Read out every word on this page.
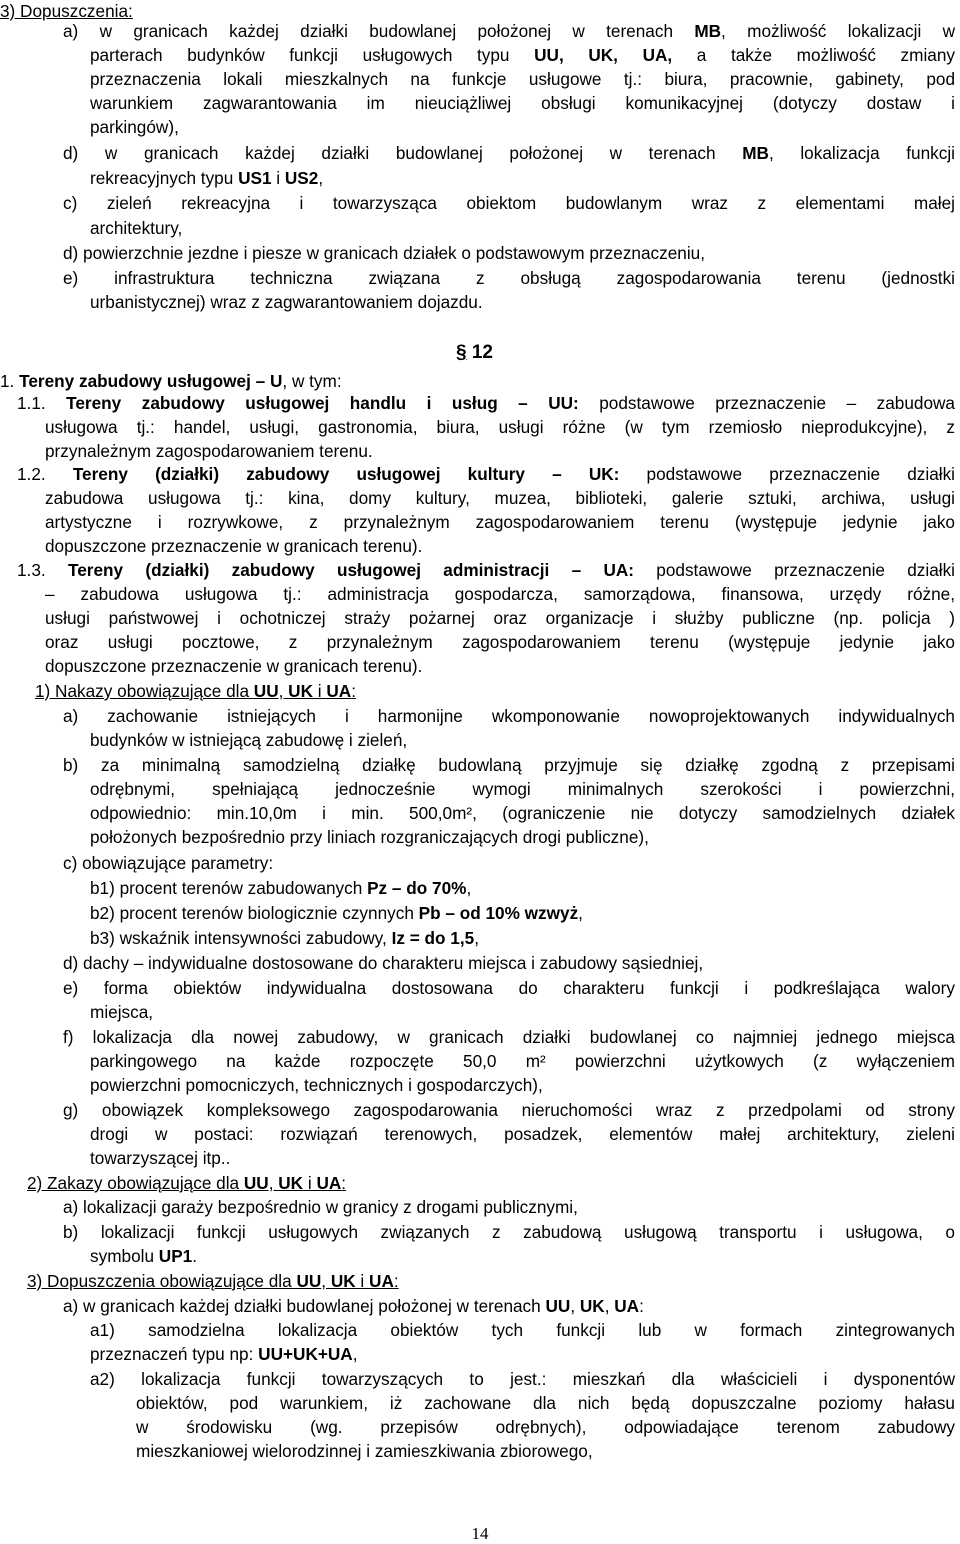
3) Dopuszczenia:
a) w granicach każdej działki budowlanej położonej w terenach MB, możliwość lokalizacji w
parterach budynków funkcji usługowych typu UU, UK, UA, a także możliwość zmiany
przeznaczenia lokali mieszkalnych na funkcje usługowe tj.: biura, pracownie, gabinety, pod
warunkiem zagwarantowania im nieuciążliwej obsługi komunikacyjnej (dotyczy dostaw i
parkingów),
d) w granicach każdej działki budowlanej położonej w terenach MB, lokalizacja funkcji
rekreacyjnych typu US1 i US2,
c) zieleń rekreacyjna i towarzysząca obiektom budowlanym wraz z elementami małej
architektury,
d) powierzchnie jezdne i piesze w granicach działek o podstawowym przeznaczeniu,
e) infrastruktura techniczna związana z obsługą zagospodarowania terenu (jednostki
urbanistycznej) wraz z zagwarantowaniem dojazdu.
1. Tereny zabudowy usługowej – U, w tym:
1.1. Tereny zabudowy usługowej handlu i usług – UU: podstawowe przeznaczenie – zabudowa
usługowa tj.: handel, usługi, gastronomia, biura, usługi różne (w tym rzemiosło nieprodukcyjne), z
przynależnym zagospodarowaniem terenu.
1.2. Tereny (działki) zabudowy usługowej kultury – UK: podstawowe przeznaczenie działki
zabudowa usługowa tj.: kina, domy kultury, muzea, biblioteki, galerie sztuki, archiwa, usługi
artystyczne i rozrywkowe, z przynależnym zagospodarowaniem terenu (występuje jedynie jako
dopuszczone przeznaczenie w granicach terenu).
1.3. Tereny (działki) zabudowy usługowej administracji – UA: podstawowe przeznaczenie działki
– zabudowa usługowa tj.: administracja gospodarcza, samorządowa, finansowa, urzędy różne,
usługi państwowej i ochotniczej straży pożarnej oraz organizacje i służby publiczne (np. policja )
oraz usługi pocztowe, z przynależnym zagospodarowaniem terenu (występuje jedynie jako
dopuszczone przeznaczenie w granicach terenu).
1) Nakazy obowiązujące dla UU, UK i UA:
a) zachowanie istniejących i harmonijne wkomponowanie nowoprojektowanych indywidualnych
budynków w istniejącą zabudowę i zieleń,
b) za minimalną samodzielną działkę budowlaną przyjmuje się działkę zgodną z przepisami
odrębnymi, spełniającą jednocześnie wymogi minimalnych szerokości i powierzchni,
odpowiednio: min.10,0m i min. 500,0m², (ograniczenie nie dotyczy samodzielnych działek
położonych bezpośrednio przy liniach rozgraniczających drogi publiczne),
c) obowiązujące parametry:
b1) procent terenów zabudowanych Pz – do 70%,
b2) procent terenów biologicznie czynnych Pb – od 10% wzwyż,
b3) wskaźnik intensywności zabudowy, Iz = do 1,5,
d) dachy – indywidualne dostosowane do charakteru miejsca i zabudowy sąsiedniej,
e) forma obiektów indywidualna dostosowana do charakteru funkcji i podkreślająca walory
miejsca,
f) lokalizacja dla nowej zabudowy, w granicach działki budowlanej co najmniej jednego miejsca
parkingowego na każde rozpoczęte 50,0 m² powierzchni użytkowych (z wyłączeniem
powierzchni pomocniczych, technicznych i gospodarczych),
g) obowiązek kompleksowego zagospodarowania nieruchomości wraz z przedpolami od strony
drogi w postaci: rozwiązań terenowych, posadzek, elementów małej architektury, zieleni
towarzyszącej itp..
2) Zakazy obowiązujące dla UU, UK i UA:
a) lokalizacji garaży bezpośrednio w granicy z drogami publicznymi,
b) lokalizacji funkcji usługowych związanych z zabudową usługową transportu i usługowa, o
symbolu UP1.
3) Dopuszczenia obowiązujące dla UU, UK i UA:
a) w granicach każdej działki budowlanej położonej w terenach UU, UK, UA:
a1) samodzielna lokalizacja obiektów tych funkcji lub w formach zintegrowanych
przeznaczeń typu np: UU+UK+UA,
a2) lokalizacja funkcji towarzyszących to jest.: mieszkań dla właścicieli i dysponentów
obiektów, pod warunkiem, iż zachowane dla nich będą dopuszczalne poziomy hałasu
w środowisku (wg. przepisów odrębnych), odpowiadające terenom zabudowy
mieszkaniowej wielorodzinnej i zamieszkiwania zbiorowego,
§ 12
14
